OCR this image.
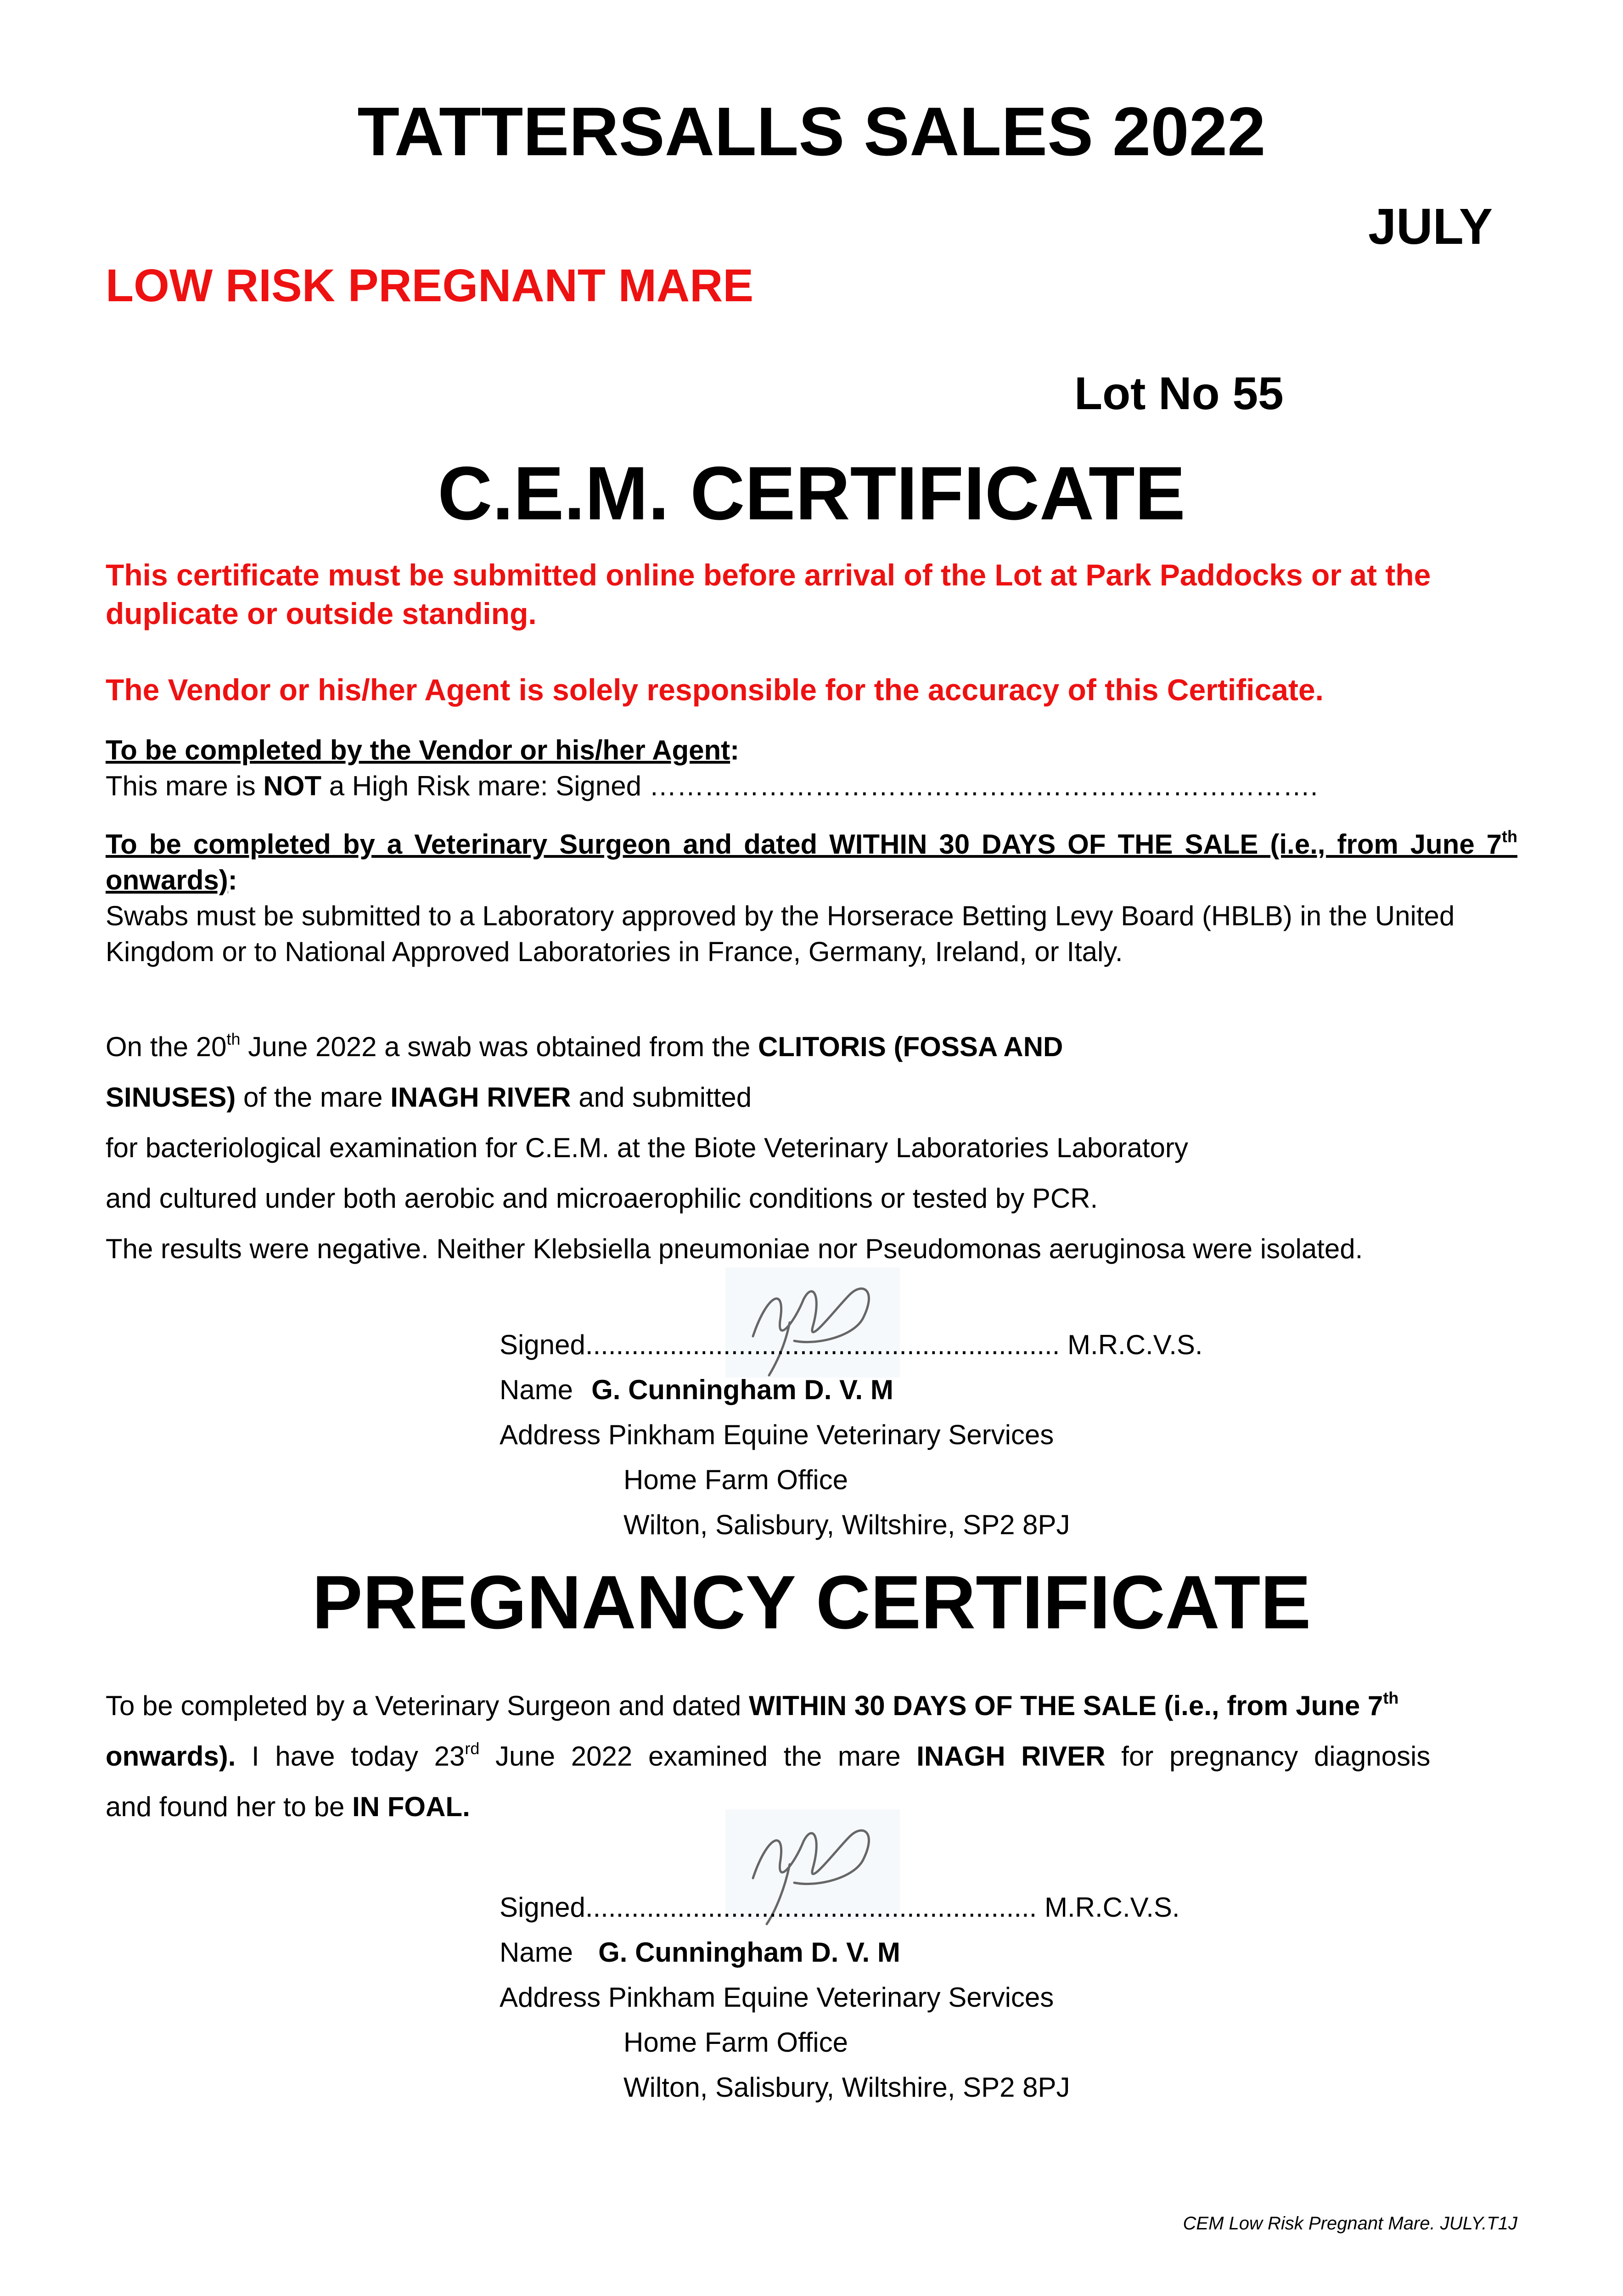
TATTERSALLS SALES 2022
JULY
LOW RISK PREGNANT MARE
Lot No 55
C.E.M. CERTIFICATE
This certificate must be submitted online before arrival of the Lot at Park Paddocks or at the duplicate or outside standing.
The Vendor or his/her Agent is solely responsible for the accuracy of this Certificate.
To be completed by the Vendor or his/her Agent:
This mare is NOT a High Risk mare: Signed ……………………………………………………………….
To be completed by a Veterinary Surgeon and dated WITHIN 30 DAYS OF THE SALE (i.e., from June 7th onwards):
Swabs must be submitted to a Laboratory approved by the Horserace Betting Levy Board (HBLB) in the United Kingdom or to National Approved Laboratories in France, Germany, Ireland, or Italy.
On the 20th June 2022 a swab was obtained from the CLITORIS (FOSSA AND
SINUSES) of the mare INAGH RIVER and submitted
for bacteriological examination for C.E.M. at the Biote Veterinary Laboratories Laboratory
and cultured under both aerobic and microaerophilic conditions or tested by PCR.
The results were negative. Neither Klebsiella pneumoniae nor Pseudomonas aeruginosa were isolated.
Signed.............................................................. M.R.C.V.S.
Name G. Cunningham D. V. M
Address Pinkham Equine Veterinary Services
Home Farm Office
Wilton, Salisbury, Wiltshire, SP2 8PJ
PREGNANCY CERTIFICATE
To be completed by a Veterinary Surgeon and dated WITHIN 30 DAYS OF THE SALE (i.e., from June 7th
onwards). I have today 23rd June 2022 examined the mare INAGH RIVER for pregnancy diagnosis
and found her to be IN FOAL.
Signed........................................................... M.R.C.V.S.
Name G. Cunningham D. V. M
Address Pinkham Equine Veterinary Services
Home Farm Office
Wilton, Salisbury, Wiltshire, SP2 8PJ
CEM Low Risk Pregnant Mare. JULY.T1J
